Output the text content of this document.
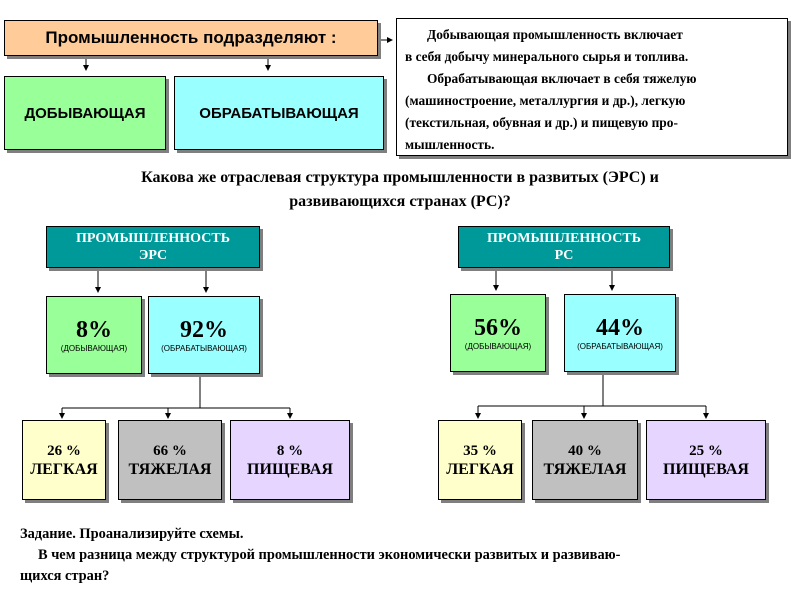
Промышленность подразделяют :
ДОБЫВАЮЩАЯ	ОБРАБАТЫВАЮЩАЯ

Добывающая промышленность включает

в себя добычу минерального сырья и топлива.

Обрабатывающая включает в себя тяжелую

(машиностроение, металлургия и др.), легкую

(текстильная, обувная и др.) и пищевую про-

мышленность.

Какова же отраслевая структура промышленности в развитых (ЭРС) и
развивающихся странах (РС)?
ПРОМЫШЛЕННОСТЬ
ЭРС
8%
(ДОБЫВАЮЩАЯ)
92%
(ОБРАБАТЫВАЮЩАЯ)
26 %
ЛЕГКАЯ
66 %
ТЯЖЕЛАЯ
8 %
ПИЩЕВАЯ
ПРОМЫШЛЕННОСТЬ
РС
56%
(ДОБЫВАЮЩАЯ)
44%
(ОБРАБАТЫВАЮЩАЯ)
35 %
ЛЕГКАЯ
40 %
ТЯЖЕЛАЯ
25 %
ПИЩЕВАЯ
Задание. Проанализируйте схемы.
В чем разница между структурой промышленности экономически развитых и развиваю-
щихся стран?
